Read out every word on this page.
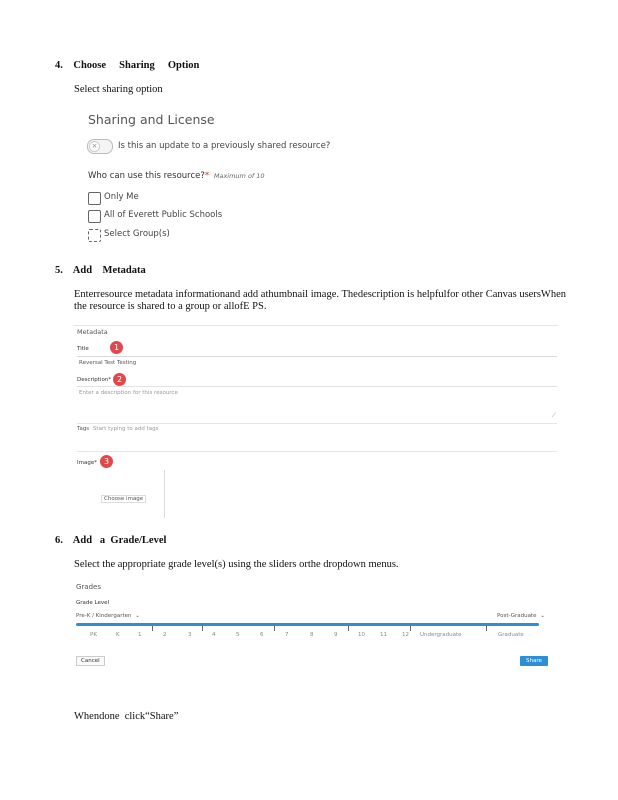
4.    Choose     Sharing     Option
Select sharing option
Sharing and License
×	Is this an update to a previously shared resource?
Who can use this resource?* Maximum of 10
Only Me
All of Everett Public Schools
Select Group(s)
5.    Add    Metadata
Enterresource metadata informationand add athumbnail image. Thedescription is helpfulfor other Canvas usersWhen the resource is shared to a group or allofE PS.
Metadata
Title	1
Reversal Test Testing
Description* 2
Enter a description for this resource
⟋
Tags Start typing to add tags
Image* 3
Choose image
6.    Add   a  Grade/Level
Select the appropriate grade level(s) using the sliders orthe dropdown menus.
Grades
Grade Level
Pre-K / Kindergarten ⌄	Post-Graduate ⌄
PK	K	1	2	3	4	5	6	7	8	9	10	11	12 Undergraduate	Graduate
Cancel	Share
Whendone  click“Share”
